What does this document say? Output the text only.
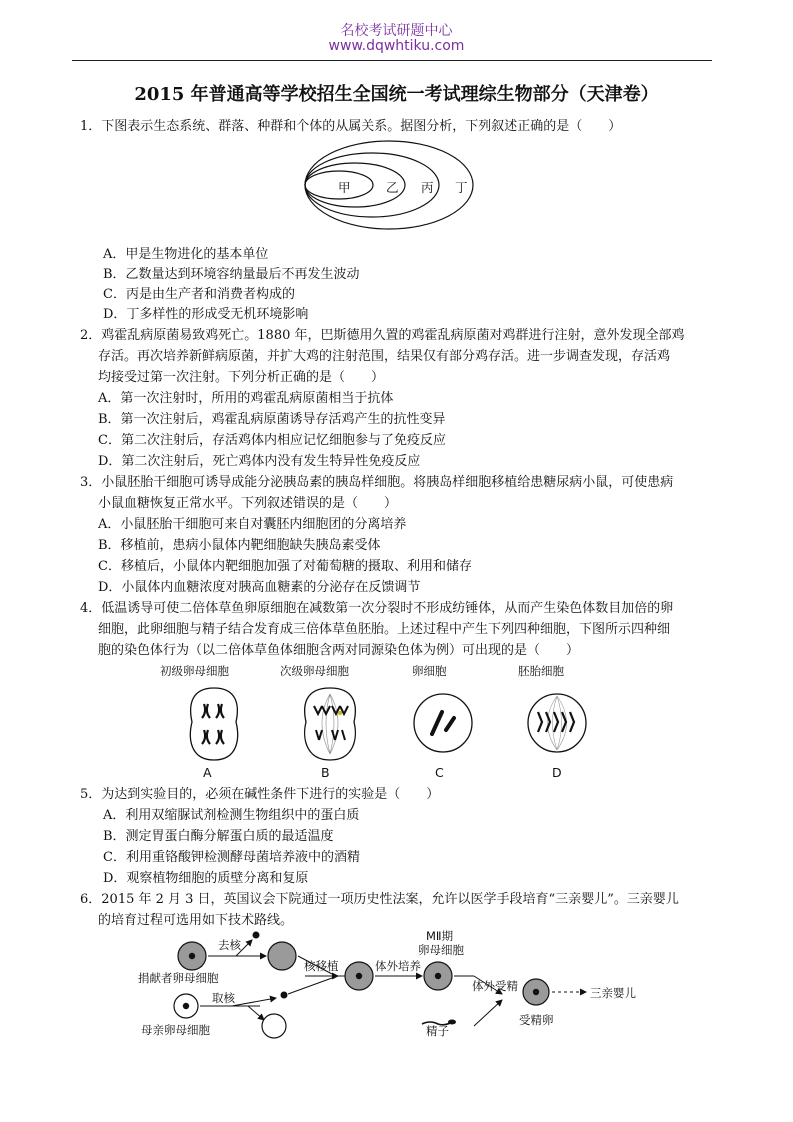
名校考试研题中心
www.dqwhtiku.com
2015 年普通高等学校招生全国统一考试理综生物部分（天津卷）
1．下图表示生态系统、群落、种群和个体的从属关系。据图分析，下列叙述正确的是（　　）
甲	乙 丙 丁
A．甲是生物进化的基本单位
B．乙数量达到环境容纳量最后不再发生波动
C．丙是由生产者和消费者构成的
D．丁多样性的形成受无机环境影响
2．鸡霍乱病原菌易致鸡死亡。1880 年，巴斯德用久置的鸡霍乱病原菌对鸡群进行注射，意外发现全部鸡
存活。再次培养新鲜病原菌，并扩大鸡的注射范围，结果仅有部分鸡存活。进一步调查发现，存活鸡
均接受过第一次注射。下列分析正确的是（　　）
A．第一次注射时，所用的鸡霍乱病原菌相当于抗体
B．第一次注射后，鸡霍乱病原菌诱导存活鸡产生的抗性变异
C．第二次注射后，存活鸡体内相应记忆细胞参与了免疫反应
D．第二次注射后，死亡鸡体内没有发生特异性免疫反应
3．小鼠胚胎干细胞可诱导成能分泌胰岛素的胰岛样细胞。将胰岛样细胞移植给患糖尿病小鼠，可使患病
小鼠血糖恢复正常水平。下列叙述错误的是（　　）
A．小鼠胚胎干细胞可来自对囊胚内细胞团的分离培养
B．移植前，患病小鼠体内靶细胞缺失胰岛素受体
C．移植后，小鼠体内靶细胞加强了对葡萄糖的摄取、利用和储存
D．小鼠体内血糖浓度对胰高血糖素的分泌存在反馈调节
4．低温诱导可使二倍体草鱼卵原细胞在减数第一次分裂时不形成纺锤体，从而产生染色体数目加倍的卵
细胞，此卵细胞与精子结合发育成三倍体草鱼胚胎。上述过程中产生下列四种细胞，下图所示四种细
胞的染色体行为（以二倍体草鱼体细胞含两对同源染色体为例）可出现的是（　　）
初级卵母细胞	次级卵母细胞	卵细胞	胚胎细胞
A	B	C	D
5．为达到实验目的，必须在碱性条件下进行的实验是（　　）
A．利用双缩脲试剂检测生物组织中的蛋白质
B．测定胃蛋白酶分解蛋白质的最适温度
C．利用重铬酸钾检测酵母菌培养液中的酒精
D．观察植物细胞的质壁分离和复原
6．2015 年 2 月 3 日，英国议会下院通过一项历史性法案，允许以医学手段培育“三亲婴儿”。三亲婴儿
的培育过程可选用如下技术路线。
去核
捐献者卵母细胞
取核
母亲卵母细胞
核移植	体外培养
MⅡ期
卵母细胞
体外受精
精子
受精卵
三亲婴儿
